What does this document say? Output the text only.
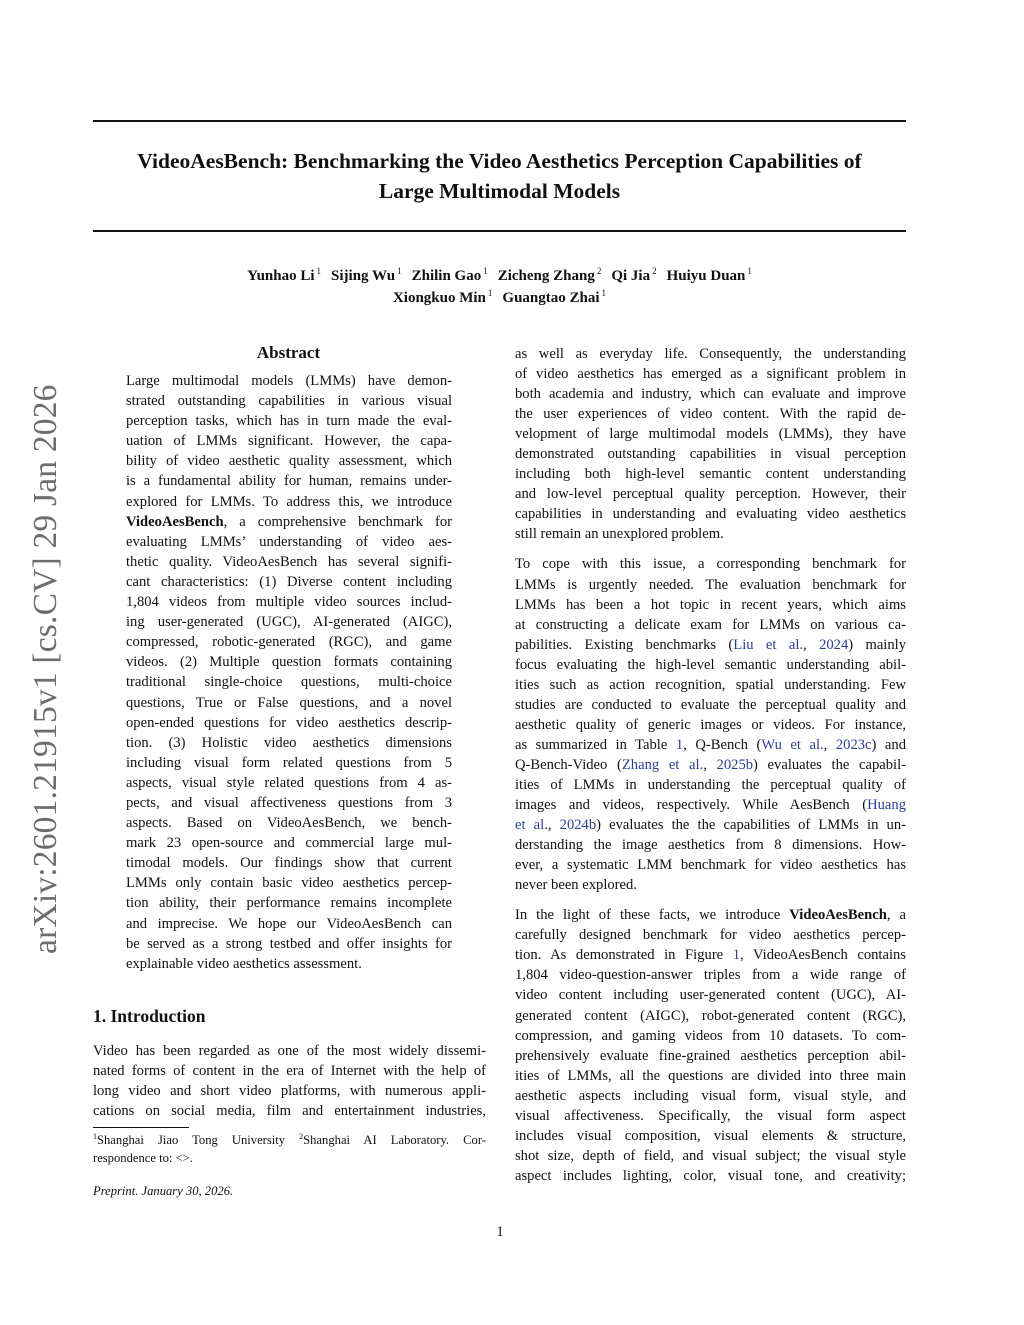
VideoAesBench: Benchmarking the Video Aesthetics Perception Capabilities of
Large Multimodal Models
Yunhao Li $^1$ Sijing Wu $^1$ Zhilin Gao $^1$ Zicheng Zhang $^2$ Qi Jia $^2$ Huiyu Duan $^1$
Xiongkuo Min $^1$ Guangtao Zhai $^1$
arXiv:2601.21915v1 [cs.CV] 29 Jan 2026
Abstract
Large multimodal models (LMMs) have demon-
strated outstanding capabilities in various visual
perception tasks, which has in turn made the eval-
uation of LMMs significant. However, the capa-
bility of video aesthetic quality assessment, which
is a fundamental ability for human, remains under-
explored for LMMs. To address this, we introduce
VideoAesBench, a comprehensive benchmark for
evaluating LMMs’ understanding of video aes-
thetic quality. VideoAesBench has several signifi-
cant characteristics: (1) Diverse content including
1,804 videos from multiple video sources includ-
ing user-generated (UGC), AI-generated (AIGC),
compressed, robotic-generated (RGC), and game
videos. (2) Multiple question formats containing
traditional single-choice questions, multi-choice
questions, True or False questions, and a novel
open-ended questions for video aesthetics descrip-
tion. (3) Holistic video aesthetics dimensions
including visual form related questions from 5
aspects, visual style related questions from 4 as-
pects, and visual affectiveness questions from 3
aspects. Based on VideoAesBench, we bench-
mark 23 open-source and commercial large mul-
timodal models. Our findings show that current
LMMs only contain basic video aesthetics percep-
tion ability, their performance remains incomplete
and imprecise. We hope our VideoAesBench can
be served as a strong testbed and offer insights for
explainable video aesthetics assessment.
1. Introduction
Video has been regarded as one of the most widely dissemi-
nated forms of content in the era of Internet with the help of
long video and short video platforms, with numerous appli-
cations on social media, film and entertainment industries,
$^1$Shanghai Jiao Tong University $^2$Shanghai AI Laboratory. Cor-
respondence to: <>.
Preprint. January 30, 2026.
as well as everyday life. Consequently, the understanding
of video aesthetics has emerged as a significant problem in
both academia and industry, which can evaluate and improve
the user experiences of video content. With the rapid de-
velopment of large multimodal models (LMMs), they have
demonstrated outstanding capabilities in visual perception
including both high-level semantic content understanding
and low-level perceptual quality perception. However, their
capabilities in understanding and evaluating video aesthetics
still remain an unexplored problem.
To cope with this issue, a corresponding benchmark for
LMMs is urgently needed. The evaluation benchmark for
LMMs has been a hot topic in recent years, which aims
at constructing a delicate exam for LMMs on various ca-
pabilities. Existing benchmarks (Liu et al., 2024) mainly
focus evaluating the high-level semantic understanding abil-
ities such as action recognition, spatial understanding. Few
studies are conducted to evaluate the perceptual quality and
aesthetic quality of generic images or videos. For instance,
as summarized in Table 1, Q-Bench (Wu et al., 2023c) and
Q-Bench-Video (Zhang et al., 2025b) evaluates the capabil-
ities of LMMs in understanding the perceptual quality of
images and videos, respectively. While AesBench (Huang
et al., 2024b) evaluates the the capabilities of LMMs in un-
derstanding the image aesthetics from 8 dimensions. How-
ever, a systematic LMM benchmark for video aesthetics has
never been explored.
In the light of these facts, we introduce VideoAesBench, a
carefully designed benchmark for video aesthetics percep-
tion. As demonstrated in Figure 1, VideoAesBench contains
1,804 video-question-answer triples from a wide range of
video content including user-generated content (UGC), AI-
generated content (AIGC), robot-generated content (RGC),
compression, and gaming videos from 10 datasets. To com-
prehensively evaluate fine-grained aesthetics perception abil-
ities of LMMs, all the questions are divided into three main
aesthetic aspects including visual form, visual style, and
visual affectiveness. Specifically, the visual form aspect
includes visual composition, visual elements & structure,
shot size, depth of field, and visual subject; the visual style
aspect includes lighting, color, visual tone, and creativity;
1
